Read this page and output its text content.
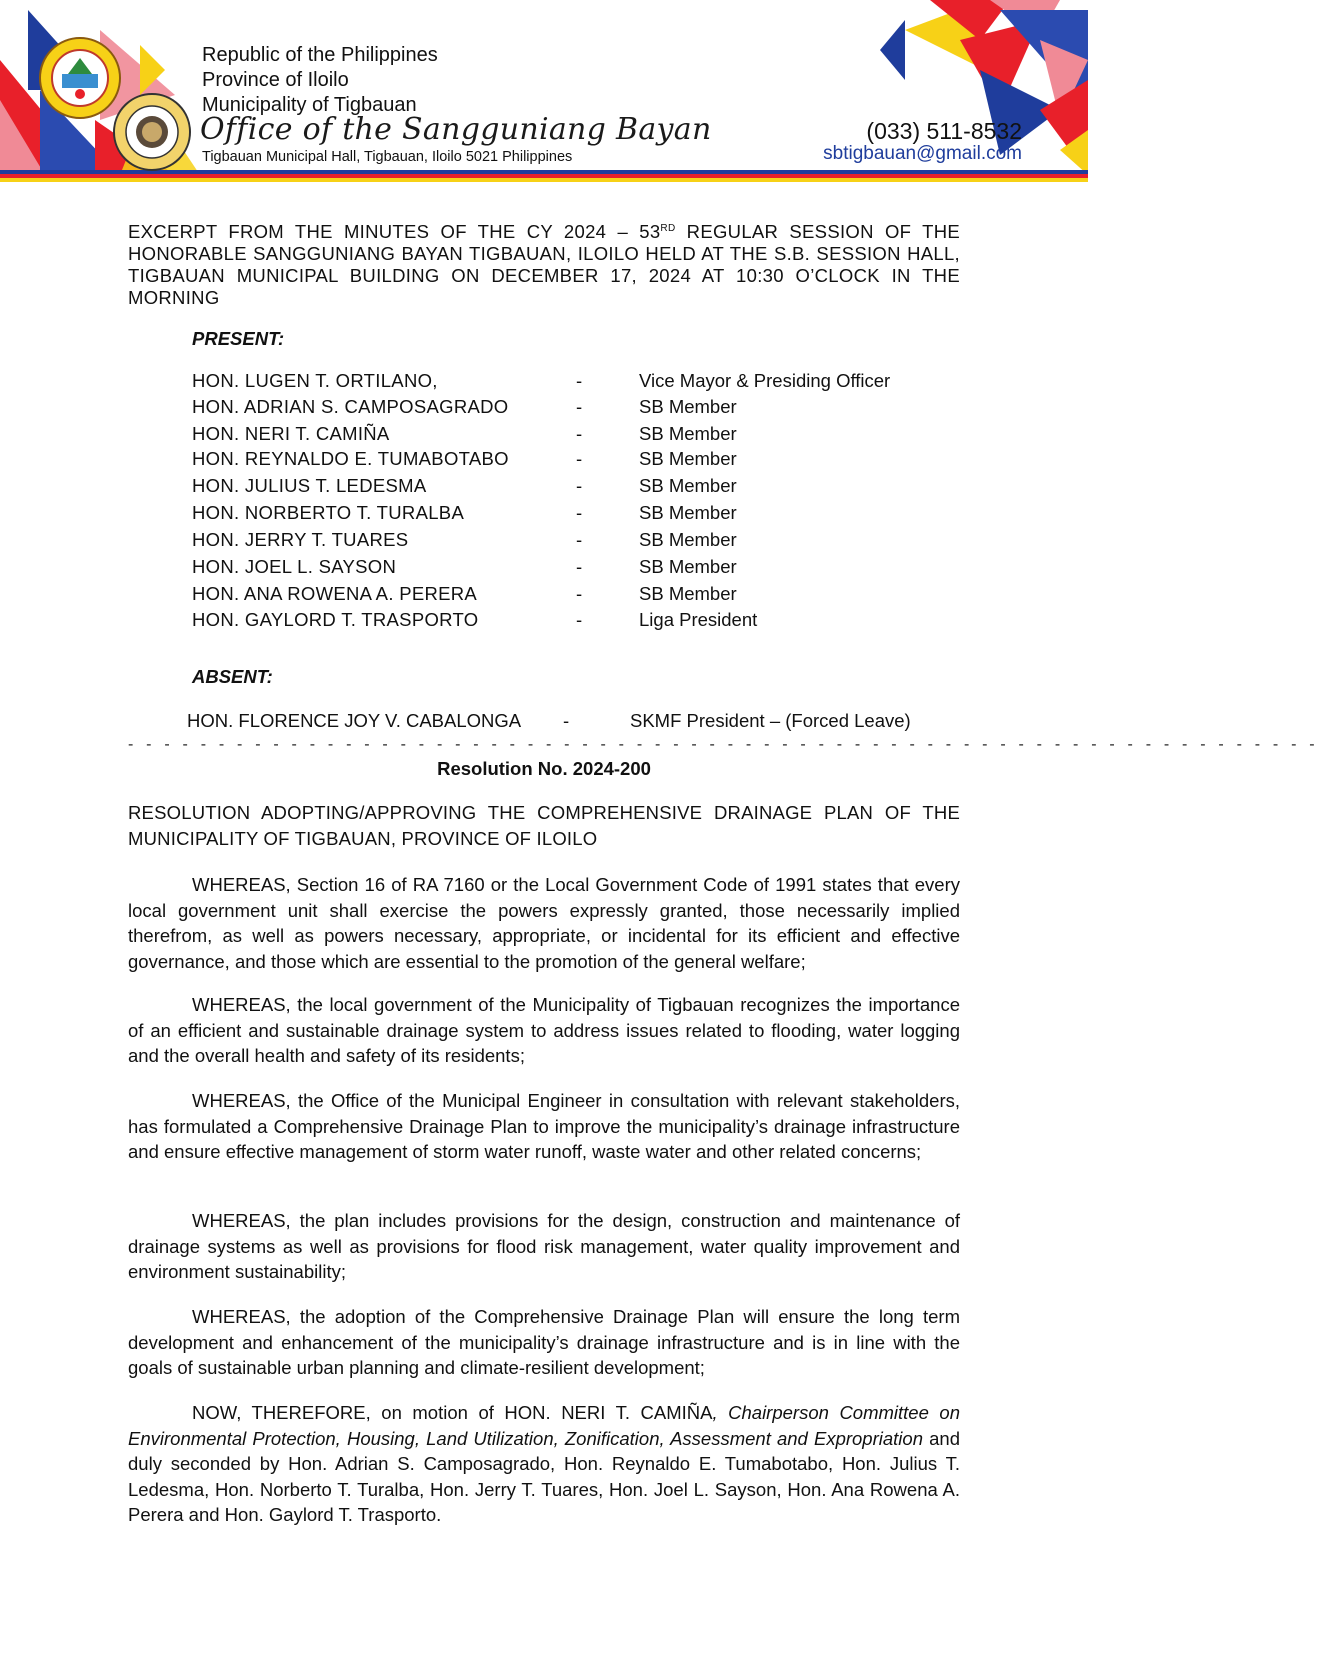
Republic of the Philippines
Province of Iloilo
Municipality of Tigbauan
Office of the Sangguniang Bayan
Tigbauan Municipal Hall, Tigbauan, Iloilo 5021 Philippines
(033) 511-8532
sbtigbauan@gmail.com
EXCERPT FROM THE MINUTES OF THE CY 2024 – 53RD REGULAR SESSION OF THE HONORABLE SANGGUNIANG BAYAN TIGBAUAN, ILOILO HELD AT THE S.B. SESSION HALL, TIGBAUAN MUNICIPAL BUILDING ON DECEMBER 17, 2024 AT 10:30 O’CLOCK IN THE MORNING
PRESENT:
HON. LUGEN T. ORTILANO,	-	Vice Mayor & Presiding Officer
HON. ADRIAN S. CAMPOSAGRADO	-	SB Member
HON. NERI T. CAMIÑA	-	SB Member
HON. REYNALDO E. TUMABOTABO	-	SB Member
HON. JULIUS T. LEDESMA	-	SB Member
HON. NORBERTO T. TURALBA	-	SB Member
HON. JERRY T. TUARES	-	SB Member
HON. JOEL L. SAYSON	-	SB Member
HON. ANA ROWENA A. PERERA	-	SB Member
HON. GAYLORD T. TRASPORTO	-	Liga President
ABSENT:
HON. FLORENCE JOY V. CABALONGA -	SKMF President – (Forced Leave)
- - - - - - - - - - - - - - - - - - - - - - - - - - - - - - - - - - - - - - - - - - - - - - - - - - - - - - - - - - - - - - - - - -
Resolution No. 2024-200
RESOLUTION ADOPTING/APPROVING THE COMPREHENSIVE DRAINAGE PLAN OF THE MUNICIPALITY OF TIGBAUAN, PROVINCE OF ILOILO
WHEREAS, Section 16 of RA 7160 or the Local Government Code of 1991 states that every local government unit shall exercise the powers expressly granted, those necessarily implied therefrom, as well as powers necessary, appropriate, or incidental for its efficient and effective governance, and those which are essential to the promotion of the general welfare;
WHEREAS, the local government of the Municipality of Tigbauan recognizes the importance of an efficient and sustainable drainage system to address issues related to flooding, water logging and the overall health and safety of its residents;
WHEREAS, the Office of the Municipal Engineer in consultation with relevant stakeholders, has formulated a Comprehensive Drainage Plan to improve the municipality’s drainage infrastructure and ensure effective management of storm water runoff, waste water and other related concerns;
WHEREAS, the plan includes provisions for the design, construction and maintenance of drainage systems as well as provisions for flood risk management, water quality improvement and environment sustainability;
WHEREAS, the adoption of the Comprehensive Drainage Plan will ensure the long term development and enhancement of the municipality’s drainage infrastructure and is in line with the goals of sustainable urban planning and climate-resilient development;
NOW, THEREFORE, on motion of HON. NERI T. CAMIÑA, Chairperson Committee on Environmental Protection, Housing, Land Utilization, Zonification, Assessment and Expropriation and duly seconded by Hon. Adrian S. Camposagrado, Hon. Reynaldo E. Tumabotabo, Hon. Julius T. Ledesma, Hon. Norberto T. Turalba, Hon. Jerry T. Tuares, Hon. Joel L. Sayson, Hon. Ana Rowena A. Perera and Hon. Gaylord T. Trasporto.
